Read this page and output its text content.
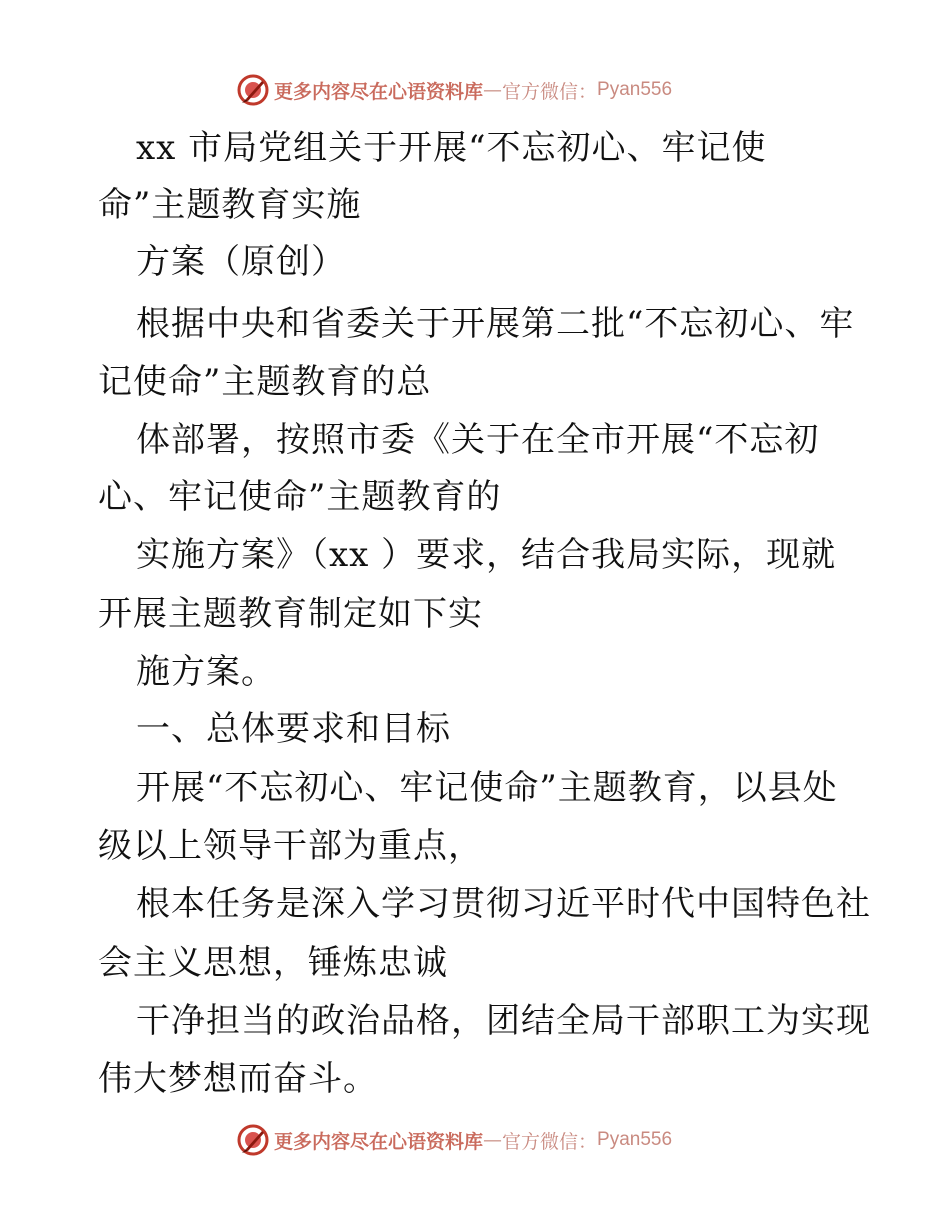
更多内容尽在心语资料库 — 官方微信： Pyan556
xx 市局党组关于开展“不忘初心、牢记使
命”主题教育实施
方案（原创）
根据中央和省委关于开展第二批“不忘初心、牢
记使命”主题教育的总
体部署，按照市委《关于在全市开展“不忘初
心、牢记使命”主题教育的
实施方案》（xx ）要求，结合我局实际，现就
开展主题教育制定如下实
施方案。
一、总体要求和目标
开展“不忘初心、牢记使命”主题教育，以县处
级以上领导干部为重点，
根本任务是深入学习贯彻习近平时代中国特色社
会主义思想，锤炼忠诚
干净担当的政治品格，团结全局干部职工为实现
伟大梦想而奋斗。
更多内容尽在心语资料库 — 官方微信： Pyan556
